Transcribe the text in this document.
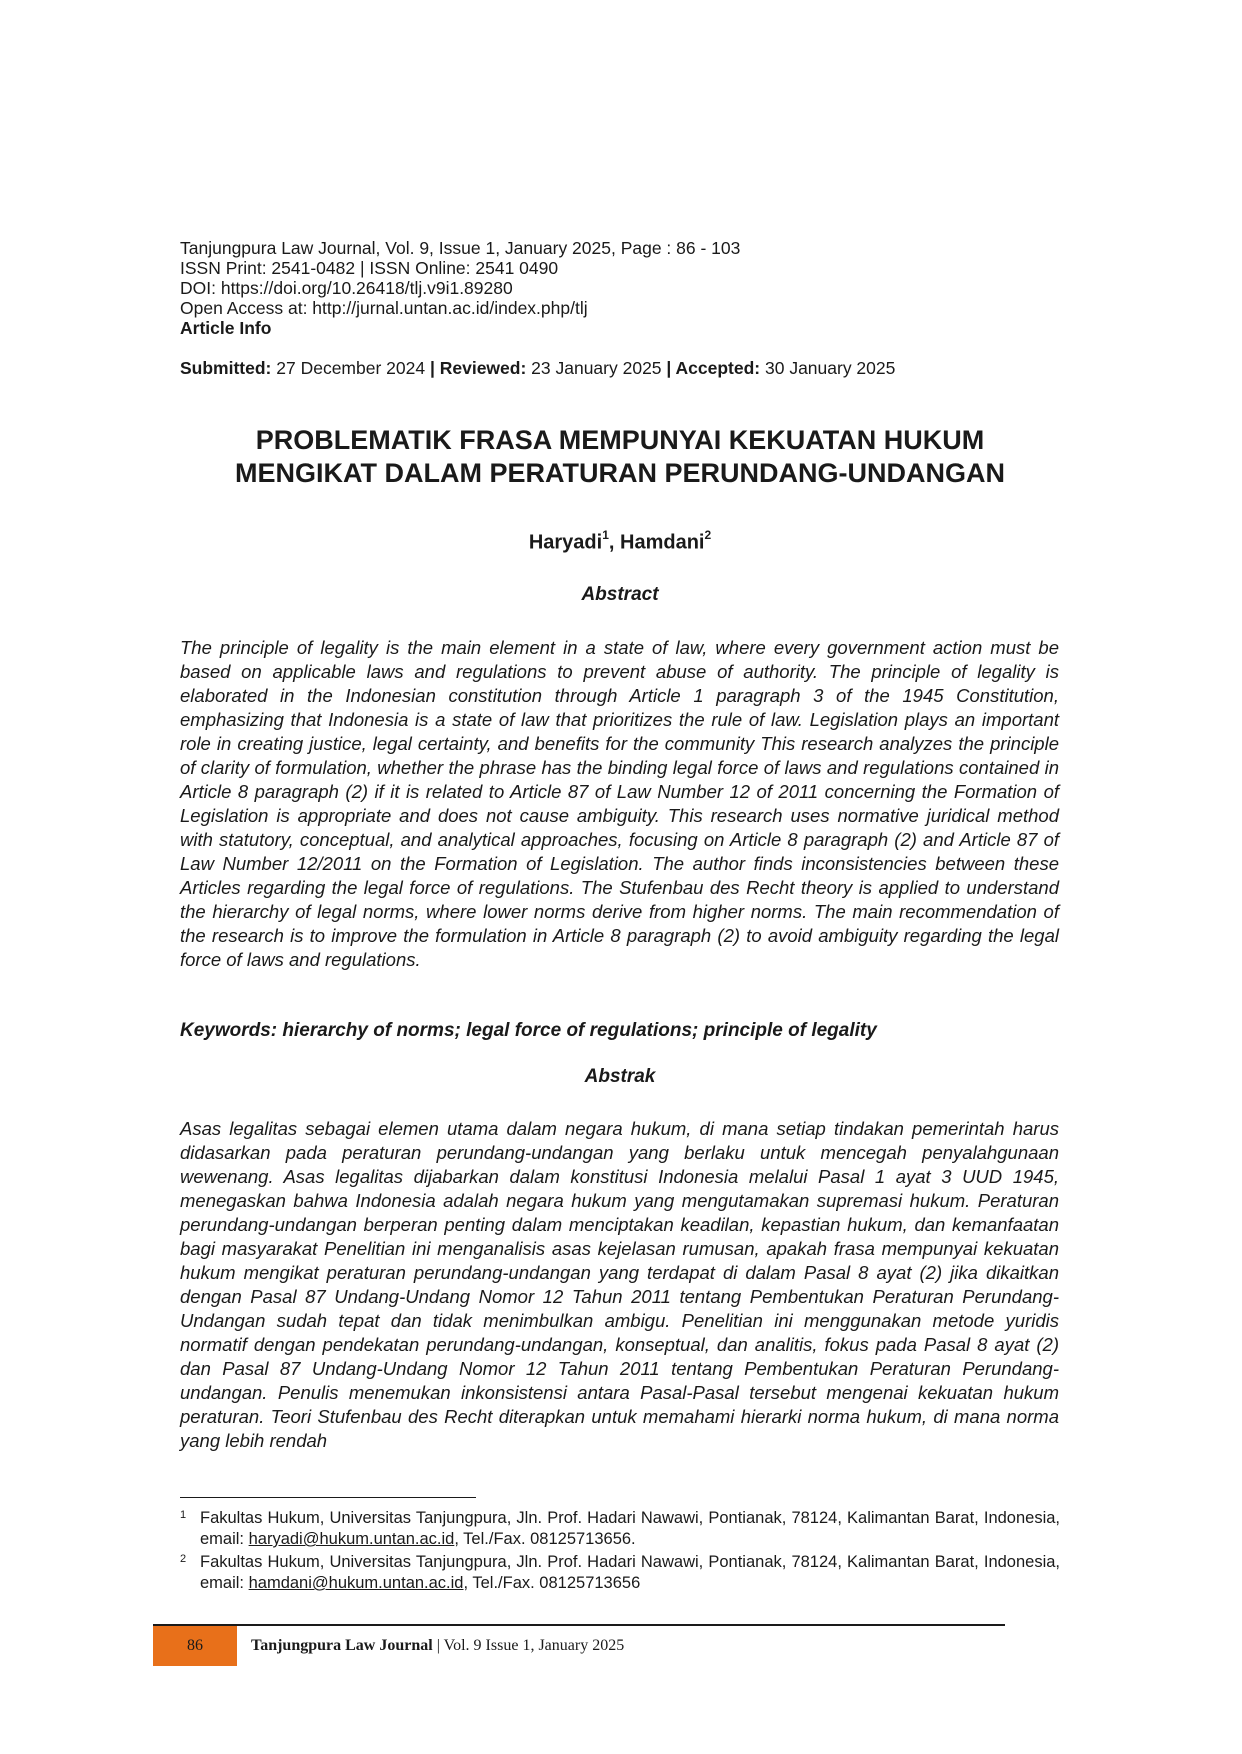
Tanjungpura Law Journal, Vol. 9, Issue 1, January 2025, Page : 86 - 103
ISSN Print: 2541-0482 | ISSN Online: 2541 0490
DOI: https://doi.org/10.26418/tlj.v9i1.89280
Open Access at: http://jurnal.untan.ac.id/index.php/tlj
Article Info
Submitted: 27 December 2024 | Reviewed: 23 January 2025 | Accepted: 30 January 2025
PROBLEMATIK FRASA MEMPUNYAI KEKUATAN HUKUM
MENGIKAT DALAM PERATURAN PERUNDANG-UNDANGAN
Haryadi$^1$, Hamdani$^2$
Abstract
The principle of legality is the main element in a state of law, where every government action must be based on applicable laws and regulations to prevent abuse of authority. The principle of legality is elaborated in the Indonesian constitution through Article 1 paragraph 3 of the 1945 Constitution, emphasizing that Indonesia is a state of law that prioritizes the rule of law. Legislation plays an important role in creating justice, legal certainty, and benefits for the community This research analyzes the principle of clarity of formulation, whether the phrase has the binding legal force of laws and regulations contained in Article 8 paragraph (2) if it is related to Article 87 of Law Number 12 of 2011 concerning the Formation of Legislation is appropriate and does not cause ambiguity. This research uses normative juridical method with statutory, conceptual, and analytical approaches, focusing on Article 8 paragraph (2) and Article 87 of Law Number 12/2011 on the Formation of Legislation. The author finds inconsistencies between these Articles regarding the legal force of regulations. The Stufenbau des Recht theory is applied to understand the hierarchy of legal norms, where lower norms derive from higher norms. The main recommendation of the research is to improve the formulation in Article 8 paragraph (2) to avoid ambiguity regarding the legal force of laws and regulations.
Keywords: hierarchy of norms; legal force of regulations; principle of legality
Abstrak
Asas legalitas sebagai elemen utama dalam negara hukum, di mana setiap tindakan pemerintah harus didasarkan pada peraturan perundang-undangan yang berlaku untuk mencegah penyalahgunaan wewenang. Asas legalitas dijabarkan dalam konstitusi Indonesia melalui Pasal 1 ayat 3 UUD 1945, menegaskan bahwa Indonesia adalah negara hukum yang mengutamakan supremasi hukum. Peraturan perundang-undangan berperan penting dalam menciptakan keadilan, kepastian hukum, dan kemanfaatan bagi masyarakat Penelitian ini menganalisis asas kejelasan rumusan, apakah frasa mempunyai kekuatan hukum mengikat peraturan perundang-undangan yang terdapat di dalam Pasal 8 ayat (2) jika dikaitkan dengan Pasal 87 Undang-Undang Nomor 12 Tahun 2011 tentang Pembentukan Peraturan Perundang-Undangan sudah tepat dan tidak menimbulkan ambigu. Penelitian ini menggunakan metode yuridis normatif dengan pendekatan perundang-undangan, konseptual, dan analitis, fokus pada Pasal 8 ayat (2) dan Pasal 87 Undang-Undang Nomor 12 Tahun 2011 tentang Pembentukan Peraturan Perundang-undangan. Penulis menemukan inkonsistensi antara Pasal-Pasal tersebut mengenai kekuatan hukum peraturan. Teori Stufenbau des Recht diterapkan untuk memahami hierarki norma hukum, di mana norma yang lebih rendah
1 Fakultas Hukum, Universitas Tanjungpura, Jln. Prof. Hadari Nawawi, Pontianak, 78124, Kalimantan Barat, Indonesia, email: haryadi@hukum.untan.ac.id, Tel./Fax. 08125713656.
2 Fakultas Hukum, Universitas Tanjungpura, Jln. Prof. Hadari Nawawi, Pontianak, 78124, Kalimantan Barat, Indonesia, email: hamdani@hukum.untan.ac.id, Tel./Fax. 08125713656
86	Tanjungpura Law Journal | Vol. 9 Issue 1, January 2025
